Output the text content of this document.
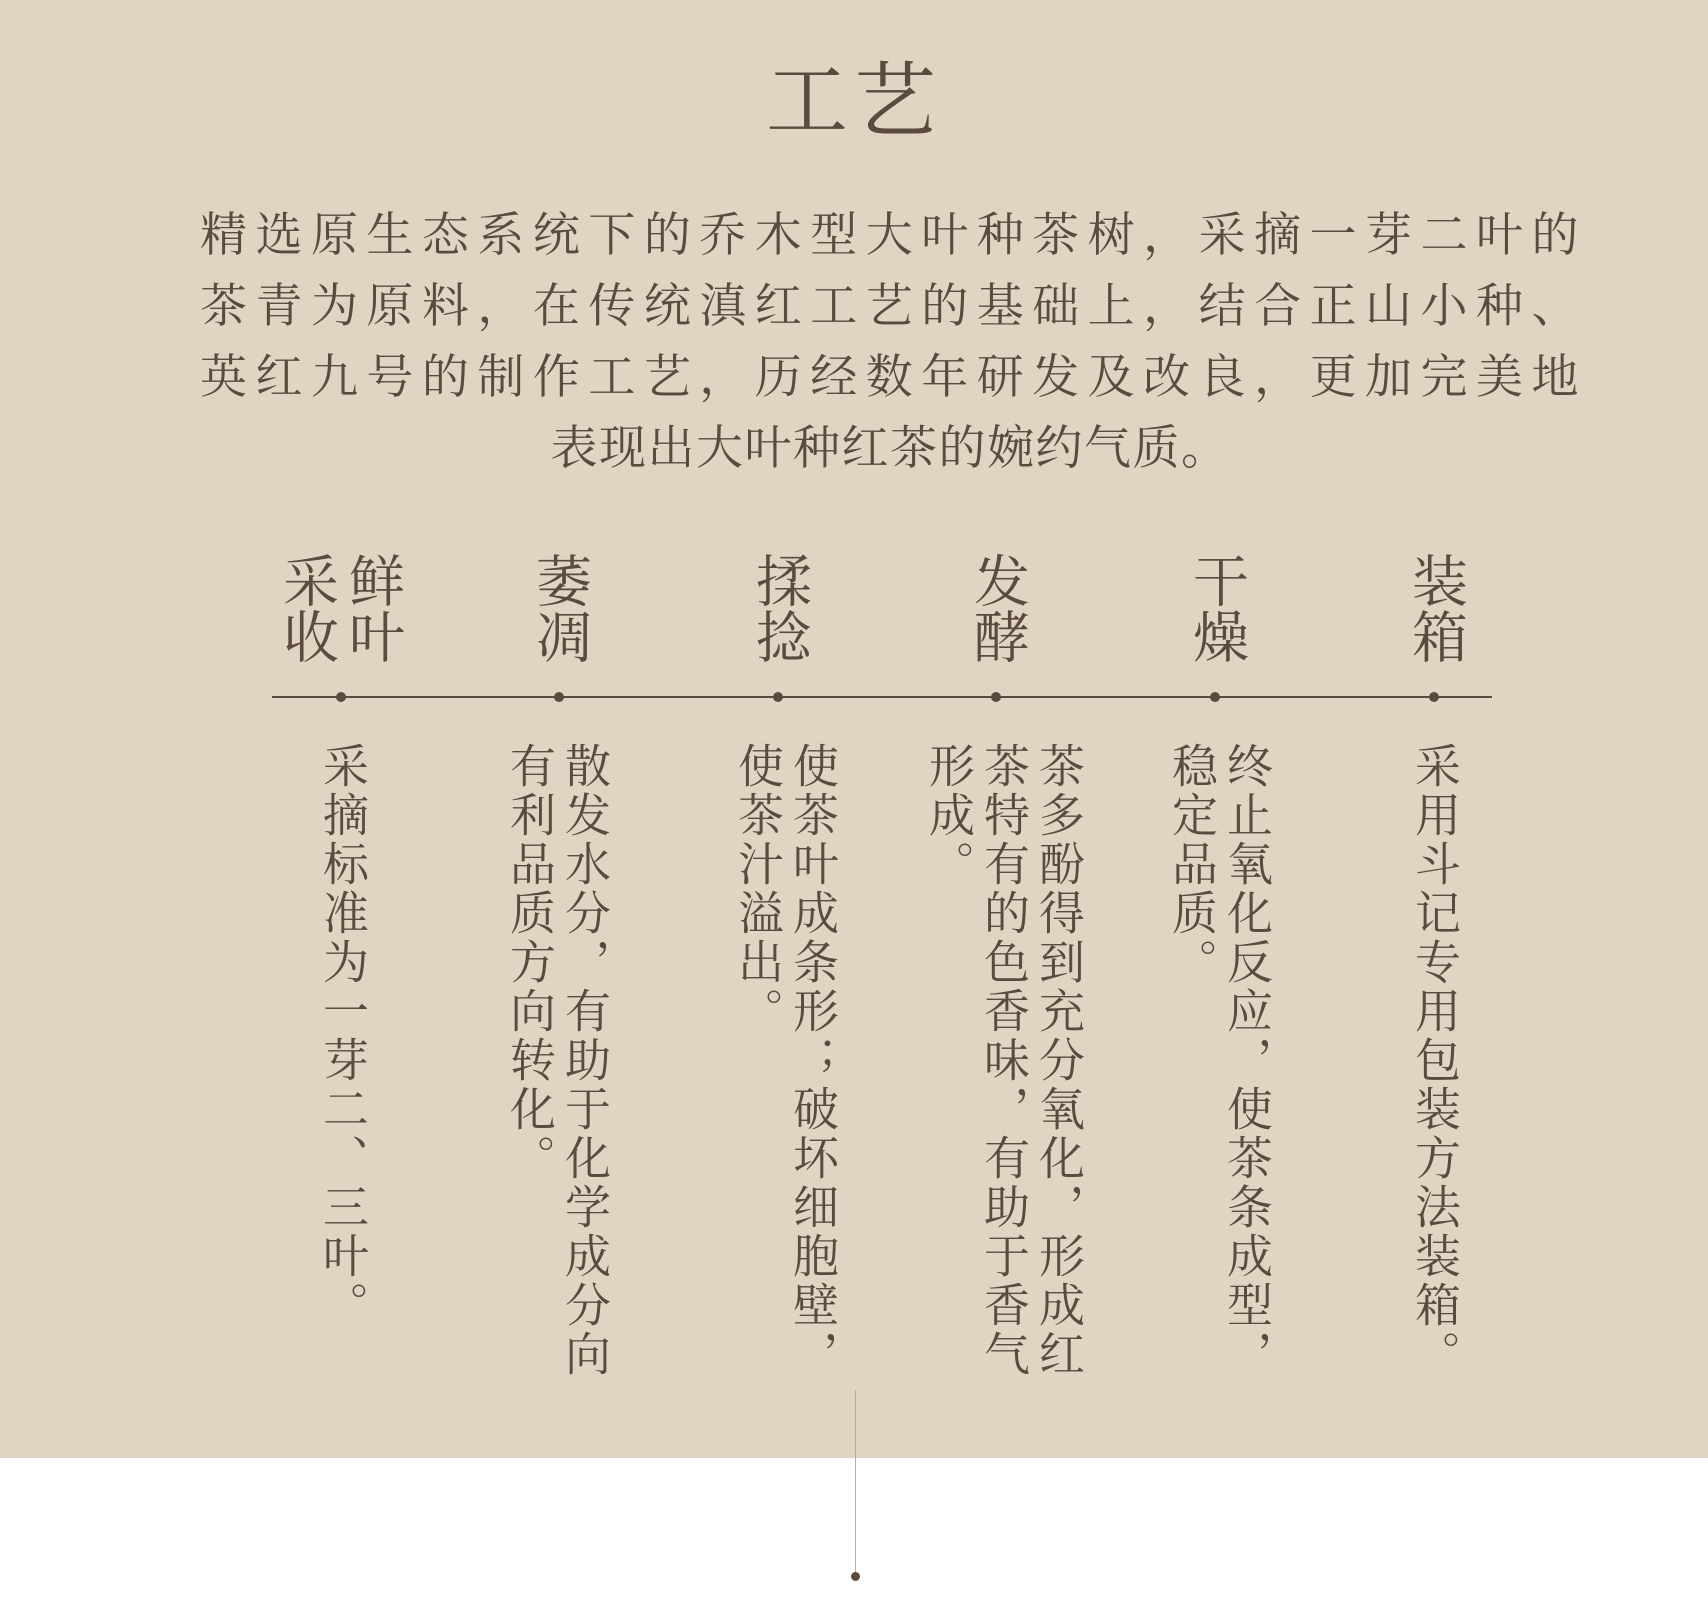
工艺
精选原生态系统下的乔木型大叶种茶树，采摘一芽二叶的
茶青为原料，在传统滇红工艺的基础上，结合正山小种、
英红九号的制作工艺，历经数年研发及改良，更加完美地
表现出大叶种红茶的婉约气质。
鲜叶采收	萎凋	揉捻	发酵	干燥	装箱
采摘标准为一芽二、三叶。	散发水分，有助于化学成分向有利品质方向转化。	使茶叶成条形；破坏细胞壁，使茶汁溢出。	茶多酚得到充分氧化，形成红茶特有的色香味，有助于香气形成。	终止氧化反应，使茶条成型，稳定品质。	采用斗记专用包装方法装箱。
